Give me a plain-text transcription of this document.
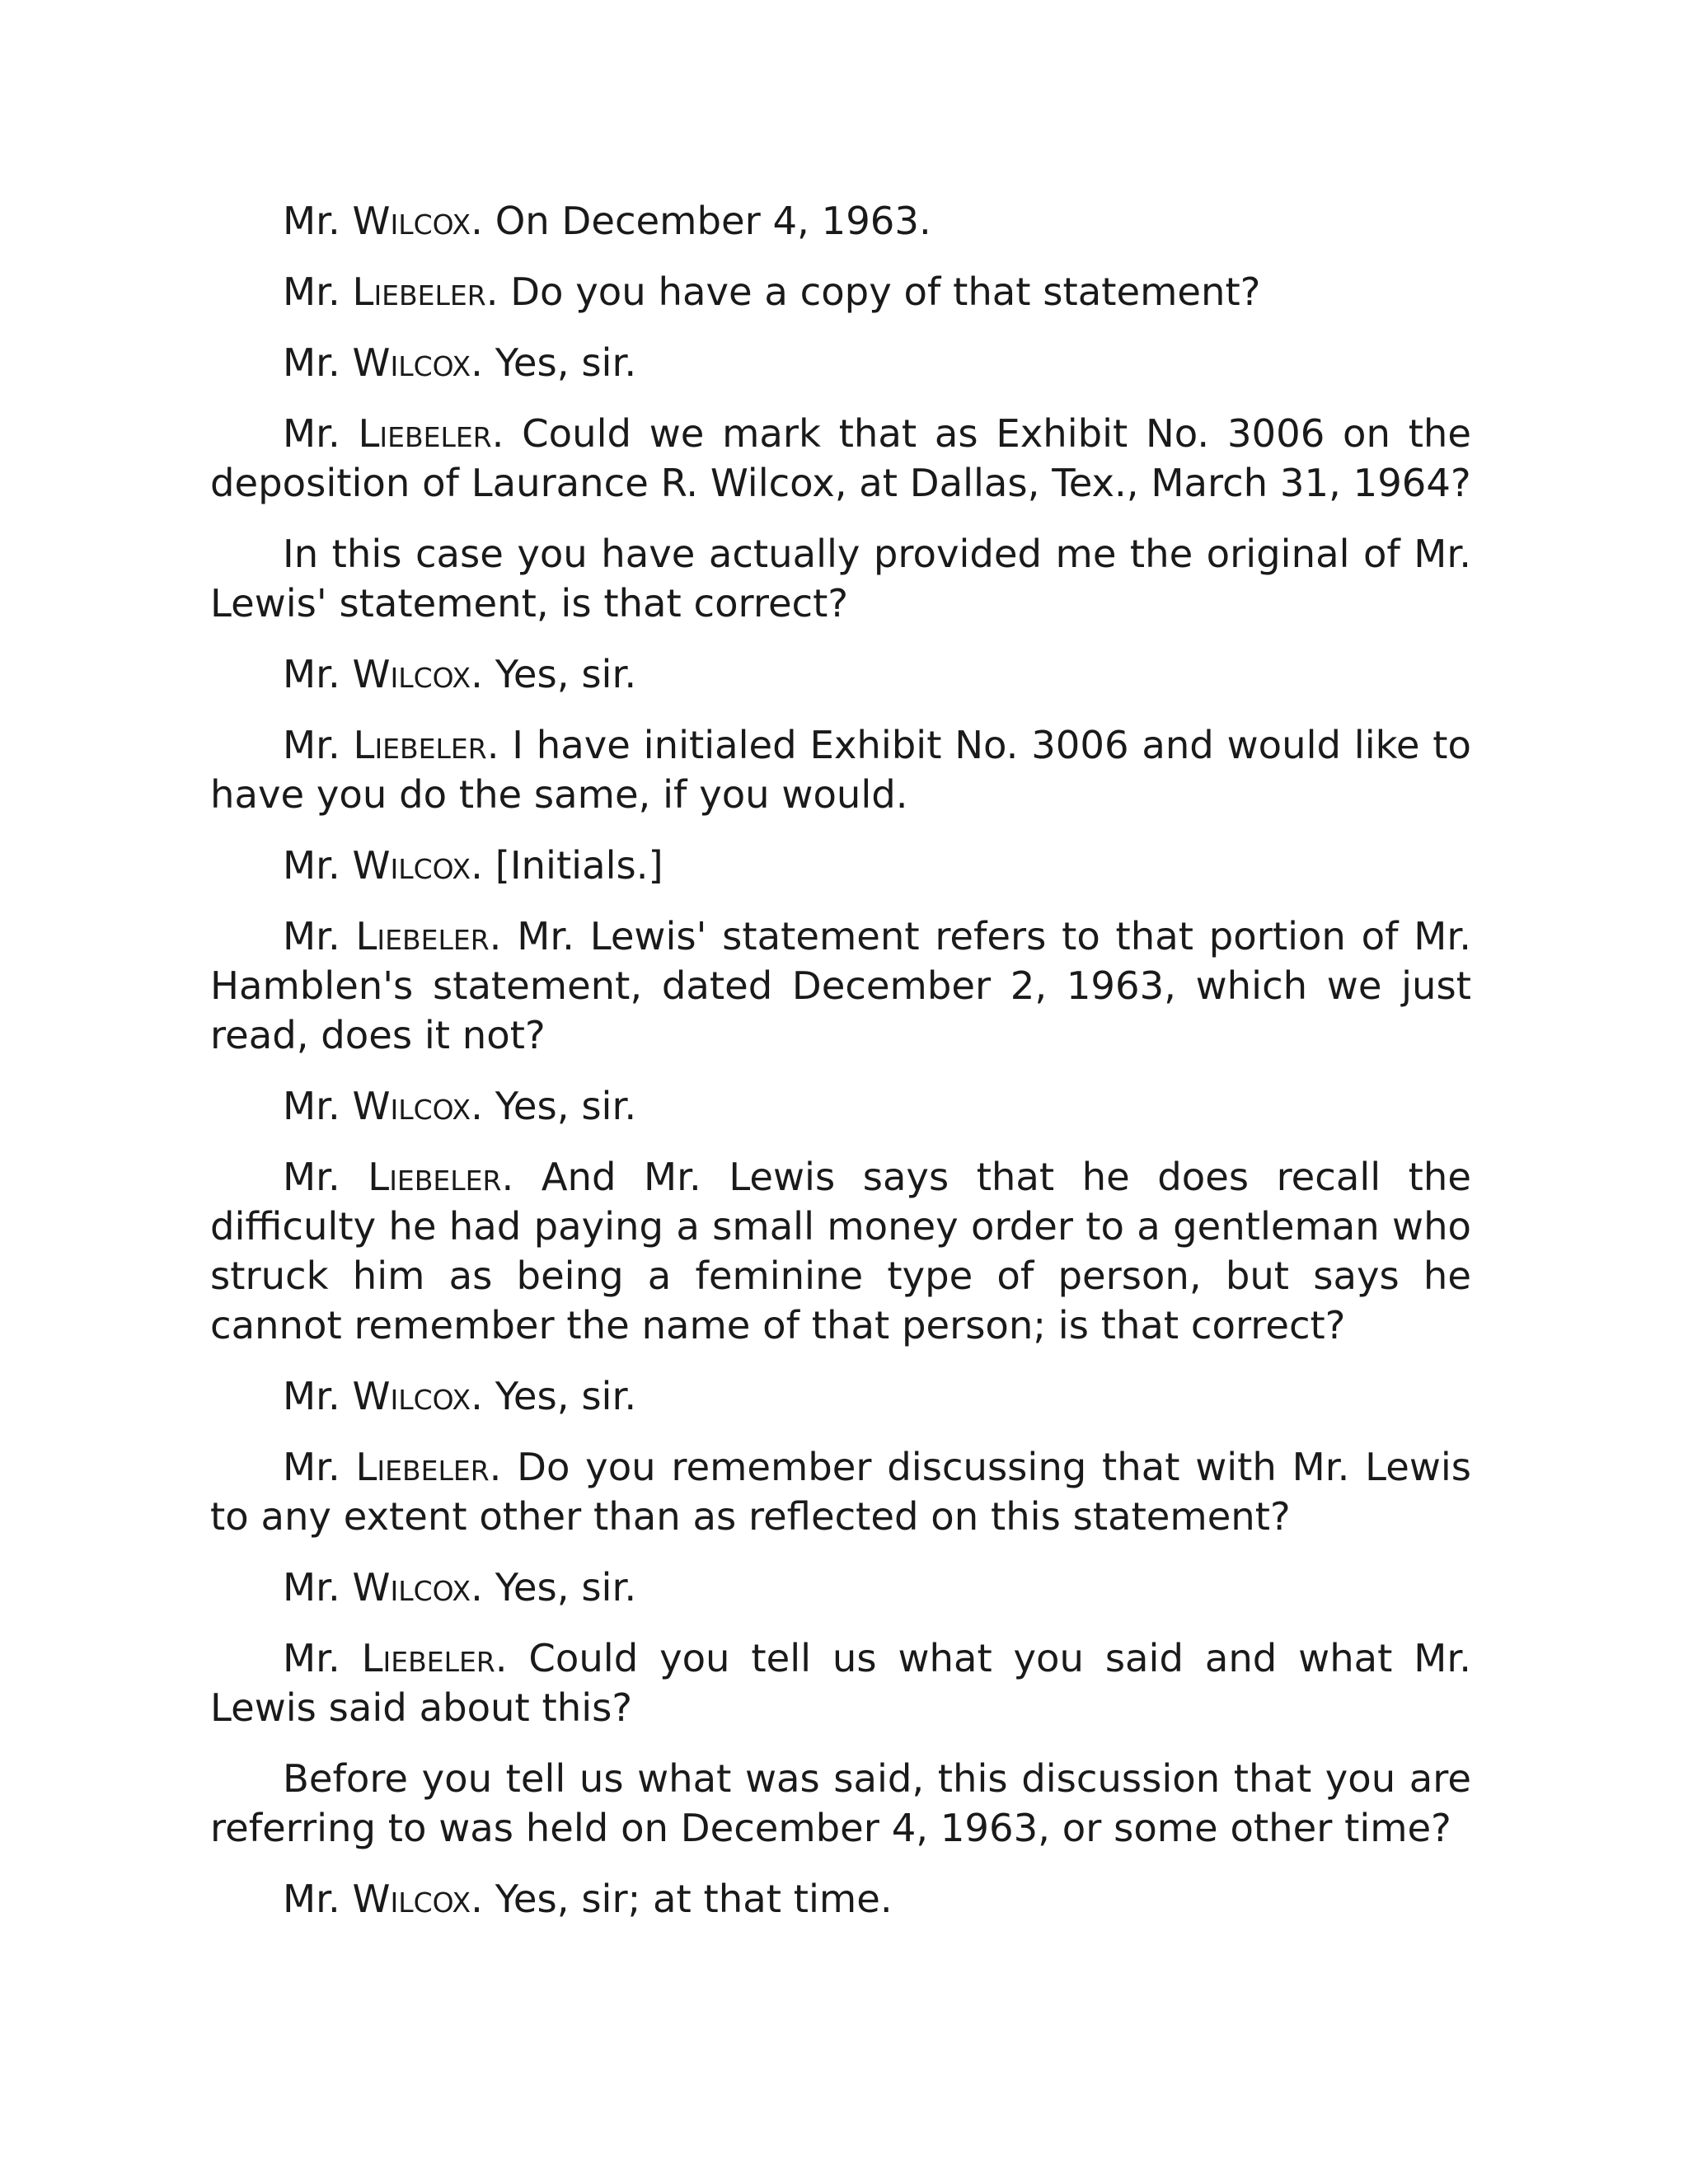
Mr. Wilcox. On December 4, 1963.

Mr. Liebeler. Do you have a copy of that statement?

Mr. Wilcox. Yes, sir.

Mr. Liebeler. Could we mark that as Exhibit No. 3006 on the deposition of Laurance R. Wilcox, at Dallas, Tex., March 31, 1964?

In this case you have actually provided me the original of Mr. Lewis' statement, is that correct?

Mr. Wilcox. Yes, sir.

Mr. Liebeler. I have initialed Exhibit No. 3006 and would like to have you do the same, if you would.

Mr. Wilcox. [Initials.]

Mr. Liebeler. Mr. Lewis' statement refers to that portion of Mr. Hamblen's statement, dated December 2, 1963, which we just read, does it not?

Mr. Wilcox. Yes, sir.

Mr. Liebeler. And Mr. Lewis says that he does recall the difficulty he had paying a small money order to a gentleman who struck him as being a feminine type of person, but says he cannot remember the name of that person; is that correct?

Mr. Wilcox. Yes, sir.

Mr. Liebeler. Do you remember discussing that with Mr. Lewis to any extent other than as reflected on this statement?

Mr. Wilcox. Yes, sir.

Mr. Liebeler. Could you tell us what you said and what Mr. Lewis said about this?

Before you tell us what was said, this discussion that you are referring to was held on December 4, 1963, or some other time?

Mr. Wilcox. Yes, sir; at that time.
